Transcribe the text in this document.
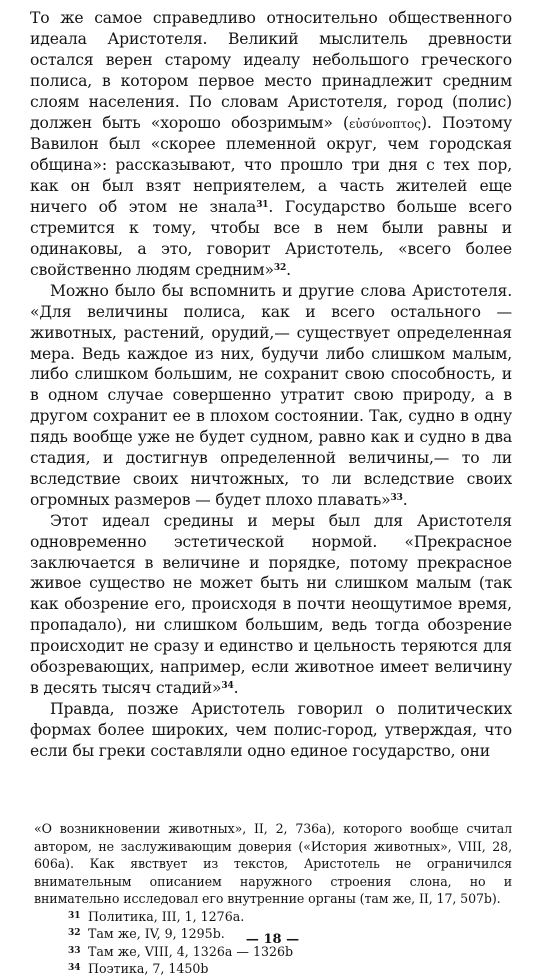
То же самое справедливо относительно общественного идеала Аристотеля. Великий мыслитель древности остался верен старому идеалу небольшого греческого полиса, в котором первое место принадлежит средним слоям населения. По словам Аристотеля, город (полис) должен быть «хорошо обозримым» (εὐσύνοπτος). Поэтому Вавилон был «скорее племенной округ, чем городская община»: рассказывают, что прошло три дня с тех пор, как он был взят неприятелем, а часть жителей еще ничего об этом не знала$^{31}$. Государство больше всего стремится к тому, чтобы все в нем были равны и одинаковы, а это, говорит Аристотель, «всего более свойственно людям средним»$^{32}$.

Можно было бы вспомнить и другие слова Аристотеля. «Для величины полиса, как и всего остального — животных, растений, орудий,— существует определенная мера. Ведь каждое из них, будучи либо слишком малым, либо слишком большим, не сохранит свою способность, и в одном случае совершенно утратит свою природу, а в другом сохранит ее в плохом состоянии. Так, судно в одну пядь вообще уже не будет судном, равно как и судно в два стадия, и достигнув определенной величины,— то ли вследствие своих ничтожных, то ли вследствие своих огромных размеров — будет плохо плавать»$^{33}$.

Этот идеал средины и меры был для Аристотеля одновременно эстетической нормой. «Прекрасное заключается в величине и порядке, потому прекрасное живое существо не может быть ни слишком малым (так как обозрение его, происходя в почти неощутимое время, пропадало), ни слишком большим, ведь тогда обозрение происходит не сразу и единство и цельность теряются для обозревающих, например, если животное имеет величину в десять тысяч стадий»$^{34}$.

Правда, позже Аристотель говорил о политических формах более широких, чем полис-город, утверждая, что если бы греки составляли одно единое государство, они

«О возникновении животных», II, 2, 736а), которого вообще считал автором, не заслуживающим доверия («История животных», VIII, 28, 606а). Как явствует из текстов, Аристотель не ограничился внимательным описанием наружного строения слона, но и внимательно исследовал его внутренние органы (там же, II, 17, 507b).

31 Политика, III, 1, 1276а.

32 Там же, IV, 9, 1295b.

33 Там же, VIII, 4, 1326а — 1326b

34 Поэтика, 7, 1450b

— 18 —
